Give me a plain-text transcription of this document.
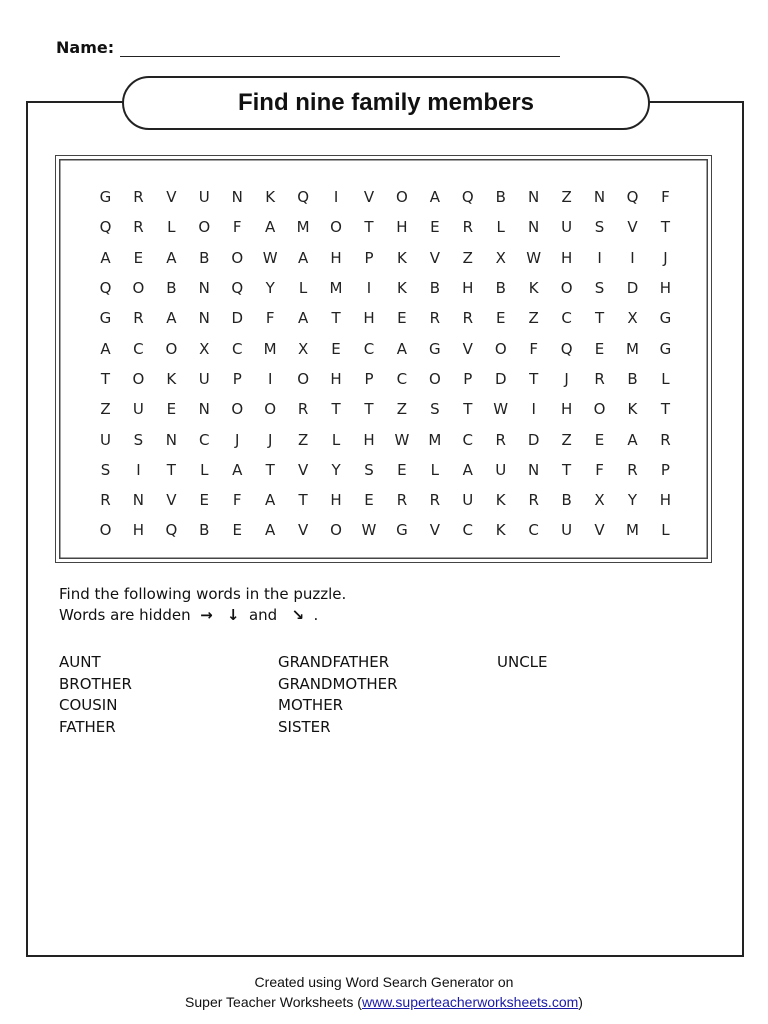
Name:
Find nine family members
G	R	V	U	N	K	Q	I	V	O	A	Q	B	N	Z	N	Q	F
Q	R	L	O	F	A	M	O	T	H	E	R	L	N	U	S	V	T
A	E	A	B	O	W	A	H	P	K	V	Z	X	W	H	I	I	J
Q	O	B	N	Q	Y	L	M	I	K	B	H	B	K	O	S	D	H
G	R	A	N	D	F	A	T	H	E	R	R	E	Z	C	T	X	G
A	C	O	X	C	M	X	E	C	A	G	V	O	F	Q	E	M	G
T	O	K	U	P	I	O	H	P	C	O	P	D	T	J	R	B	L
Z	U	E	N	O	O	R	T	T	Z	S	T	W	I	H	O	K	T
U	S	N	C	J	J	Z	L	H	W	M	C	R	D	Z	E	A	R
S	I	T	L	A	T	V	Y	S	E	L	A	U	N	T	F	R	P
R	N	V	E	F	A	T	H	E	R	R	U	K	R	B	X	Y	H
O	H	Q	B	E	A	V	O	W	G	V	C	K	C	U	V	M	L
Find the following words in the puzzle.
Words are hidden → ↓ and ↘ .
AUNT
BROTHER
COUSIN
FATHER
GRANDFATHER
GRANDMOTHER
MOTHER
SISTER
UNCLE
Created using Word Search Generator on
Super Teacher Worksheets (www.superteacherworksheets.com)
